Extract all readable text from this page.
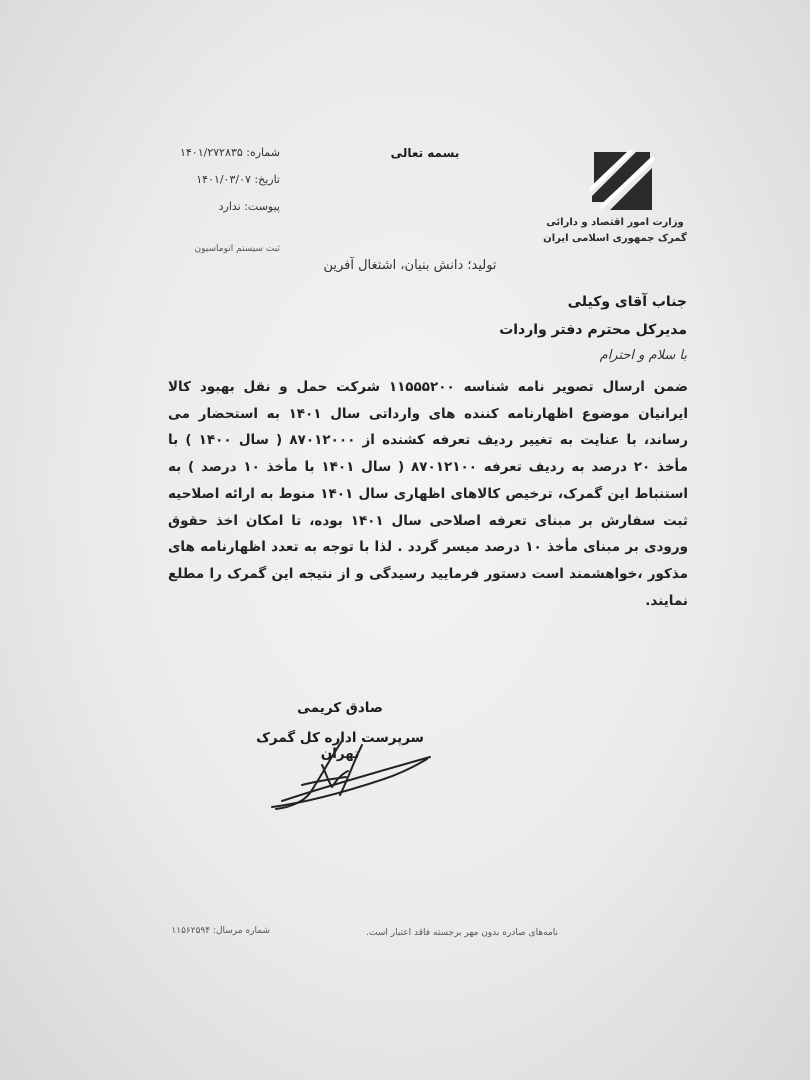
وزارت امور اقتصاد و دارائی
گمرک جمهوری اسلامی ایران
بسمه تعالی
شماره: ۱۴۰۱/۲۷۲۸۳۵
تاریخ: ۱۴۰۱/۰۳/۰۷
پیوست: ندارد
ثبت سیستم اتوماسیون
تولید؛ دانش بنیان، اشتغال آفرین
جناب آقای وکیلی
مدیرکل محترم دفتر واردات
با سلام و احترام
ضمن ارسال تصویر نامه شناسه ۱۱۵۵۵۲۰۰ شرکت حمل و نقل بهبود کالا ایرانیان موضوع اظهارنامه کننده های وارداتی سال ۱۴۰۱ به استحضار می رساند، با عنایت به تغییر ردیف تعرفه کشنده از ۸۷۰۱۲۰۰۰ ( سال ۱۴۰۰ ) با مأخذ ۲۰ درصد به ردیف تعرفه ۸۷۰۱۲۱۰۰ ( سال ۱۴۰۱ با مأخذ ۱۰ درصد ) به استنباط این گمرک، ترخیص کالاهای اظهاری سال ۱۴۰۱ منوط به ارائه اصلاحیه ثبت سفارش بر مبنای تعرفه اصلاحی سال ۱۴۰۱ بوده، تا امکان اخذ حقوق ورودی بر مبنای مأخذ ۱۰ درصد میسر گردد . لذا با توجه به تعدد اظهارنامه های مذکور ،خواهشمند است دستور فرمایید رسیدگی و از نتیجه این گمرک را مطلع نمایند.
صادق کریمی
سرپرست اداره کل گمرک تهران
نامه‌های صادره بدون مهر برجسته فاقد اعتبار است.
شماره مرسال: ۱۱۵۶۲۵۹۴
